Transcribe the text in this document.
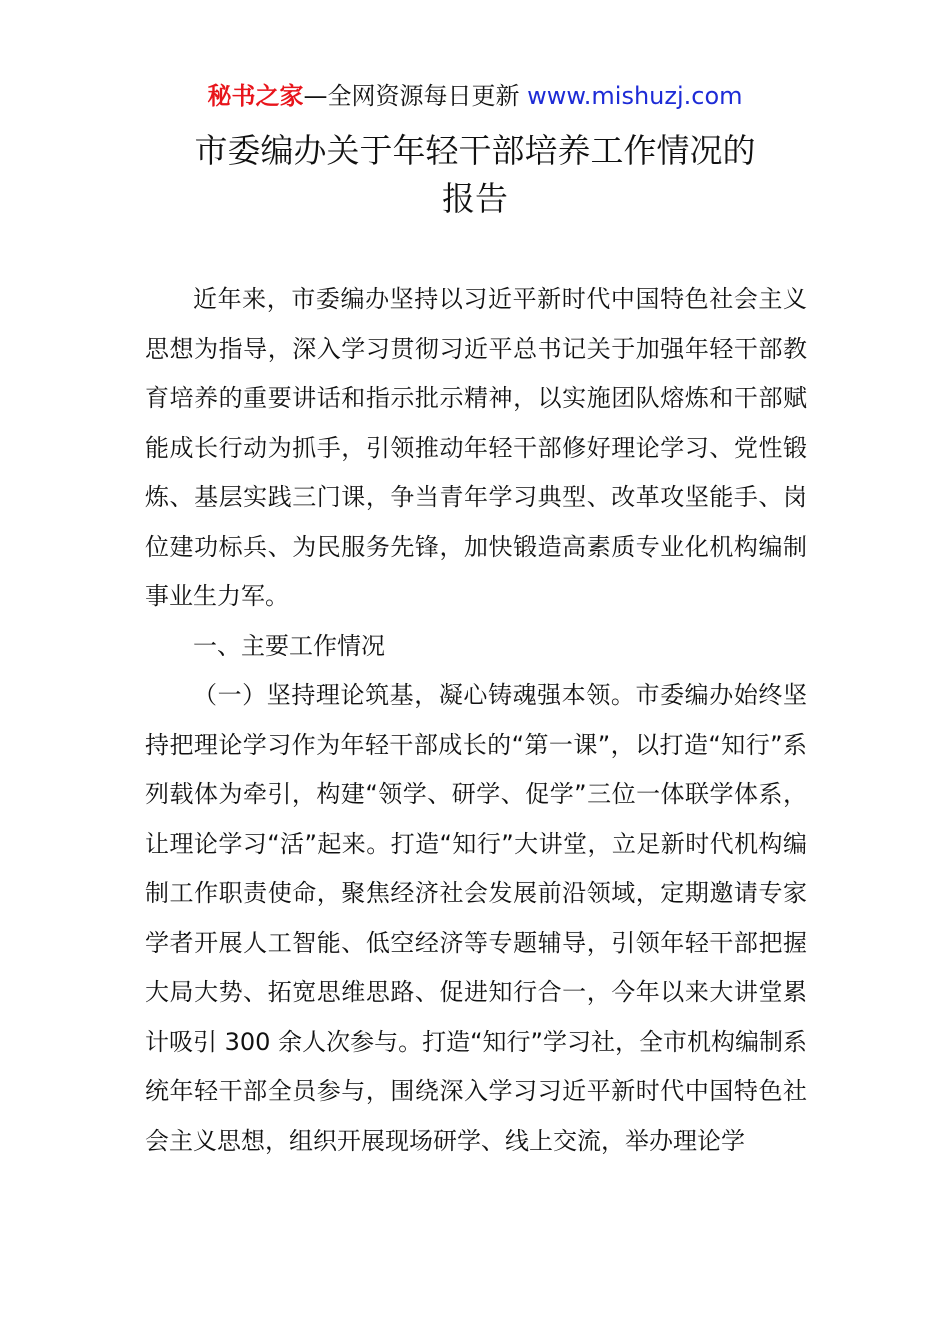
秘书之家—全网资源每日更新 www.mishuzj.com
市委编办关于年轻干部培养工作情况的
报告

近年来，市委编办坚持以习近平新时代中国特色社会主义思想为指导，深入学习贯彻习近平总书记关于加强年轻干部教育培养的重要讲话和指示批示精神，以实施团队熔炼和干部赋能成长行动为抓手，引领推动年轻干部修好理论学习、党性锻炼、基层实践三门课，争当青年学习典型、改革攻坚能手、岗位建功标兵、为民服务先锋，加快锻造高素质专业化机构编制事业生力军。

一、主要工作情况

（一）坚持理论筑基，凝心铸魂强本领。市委编办始终坚持把理论学习作为年轻干部成长的“第一课”，以打造“知行”系列载体为牵引，构建“领学、研学、促学”三位一体联学体系，让理论学习“活”起来。打造“知行”大讲堂，立足新时代机构编制工作职责使命，聚焦经济社会发展前沿领域，定期邀请专家学者开展人工智能、低空经济等专题辅导，引领年轻干部把握大局大势、拓宽思维思路、促进知行合一，今年以来大讲堂累计吸引 300 余人次参与。打造“知行”学习社，全市机构编制系统年轻干部全员参与，围绕深入学习习近平新时代中国特色社会主义思想，组织开展现场研学、线上交流，举办理论学
